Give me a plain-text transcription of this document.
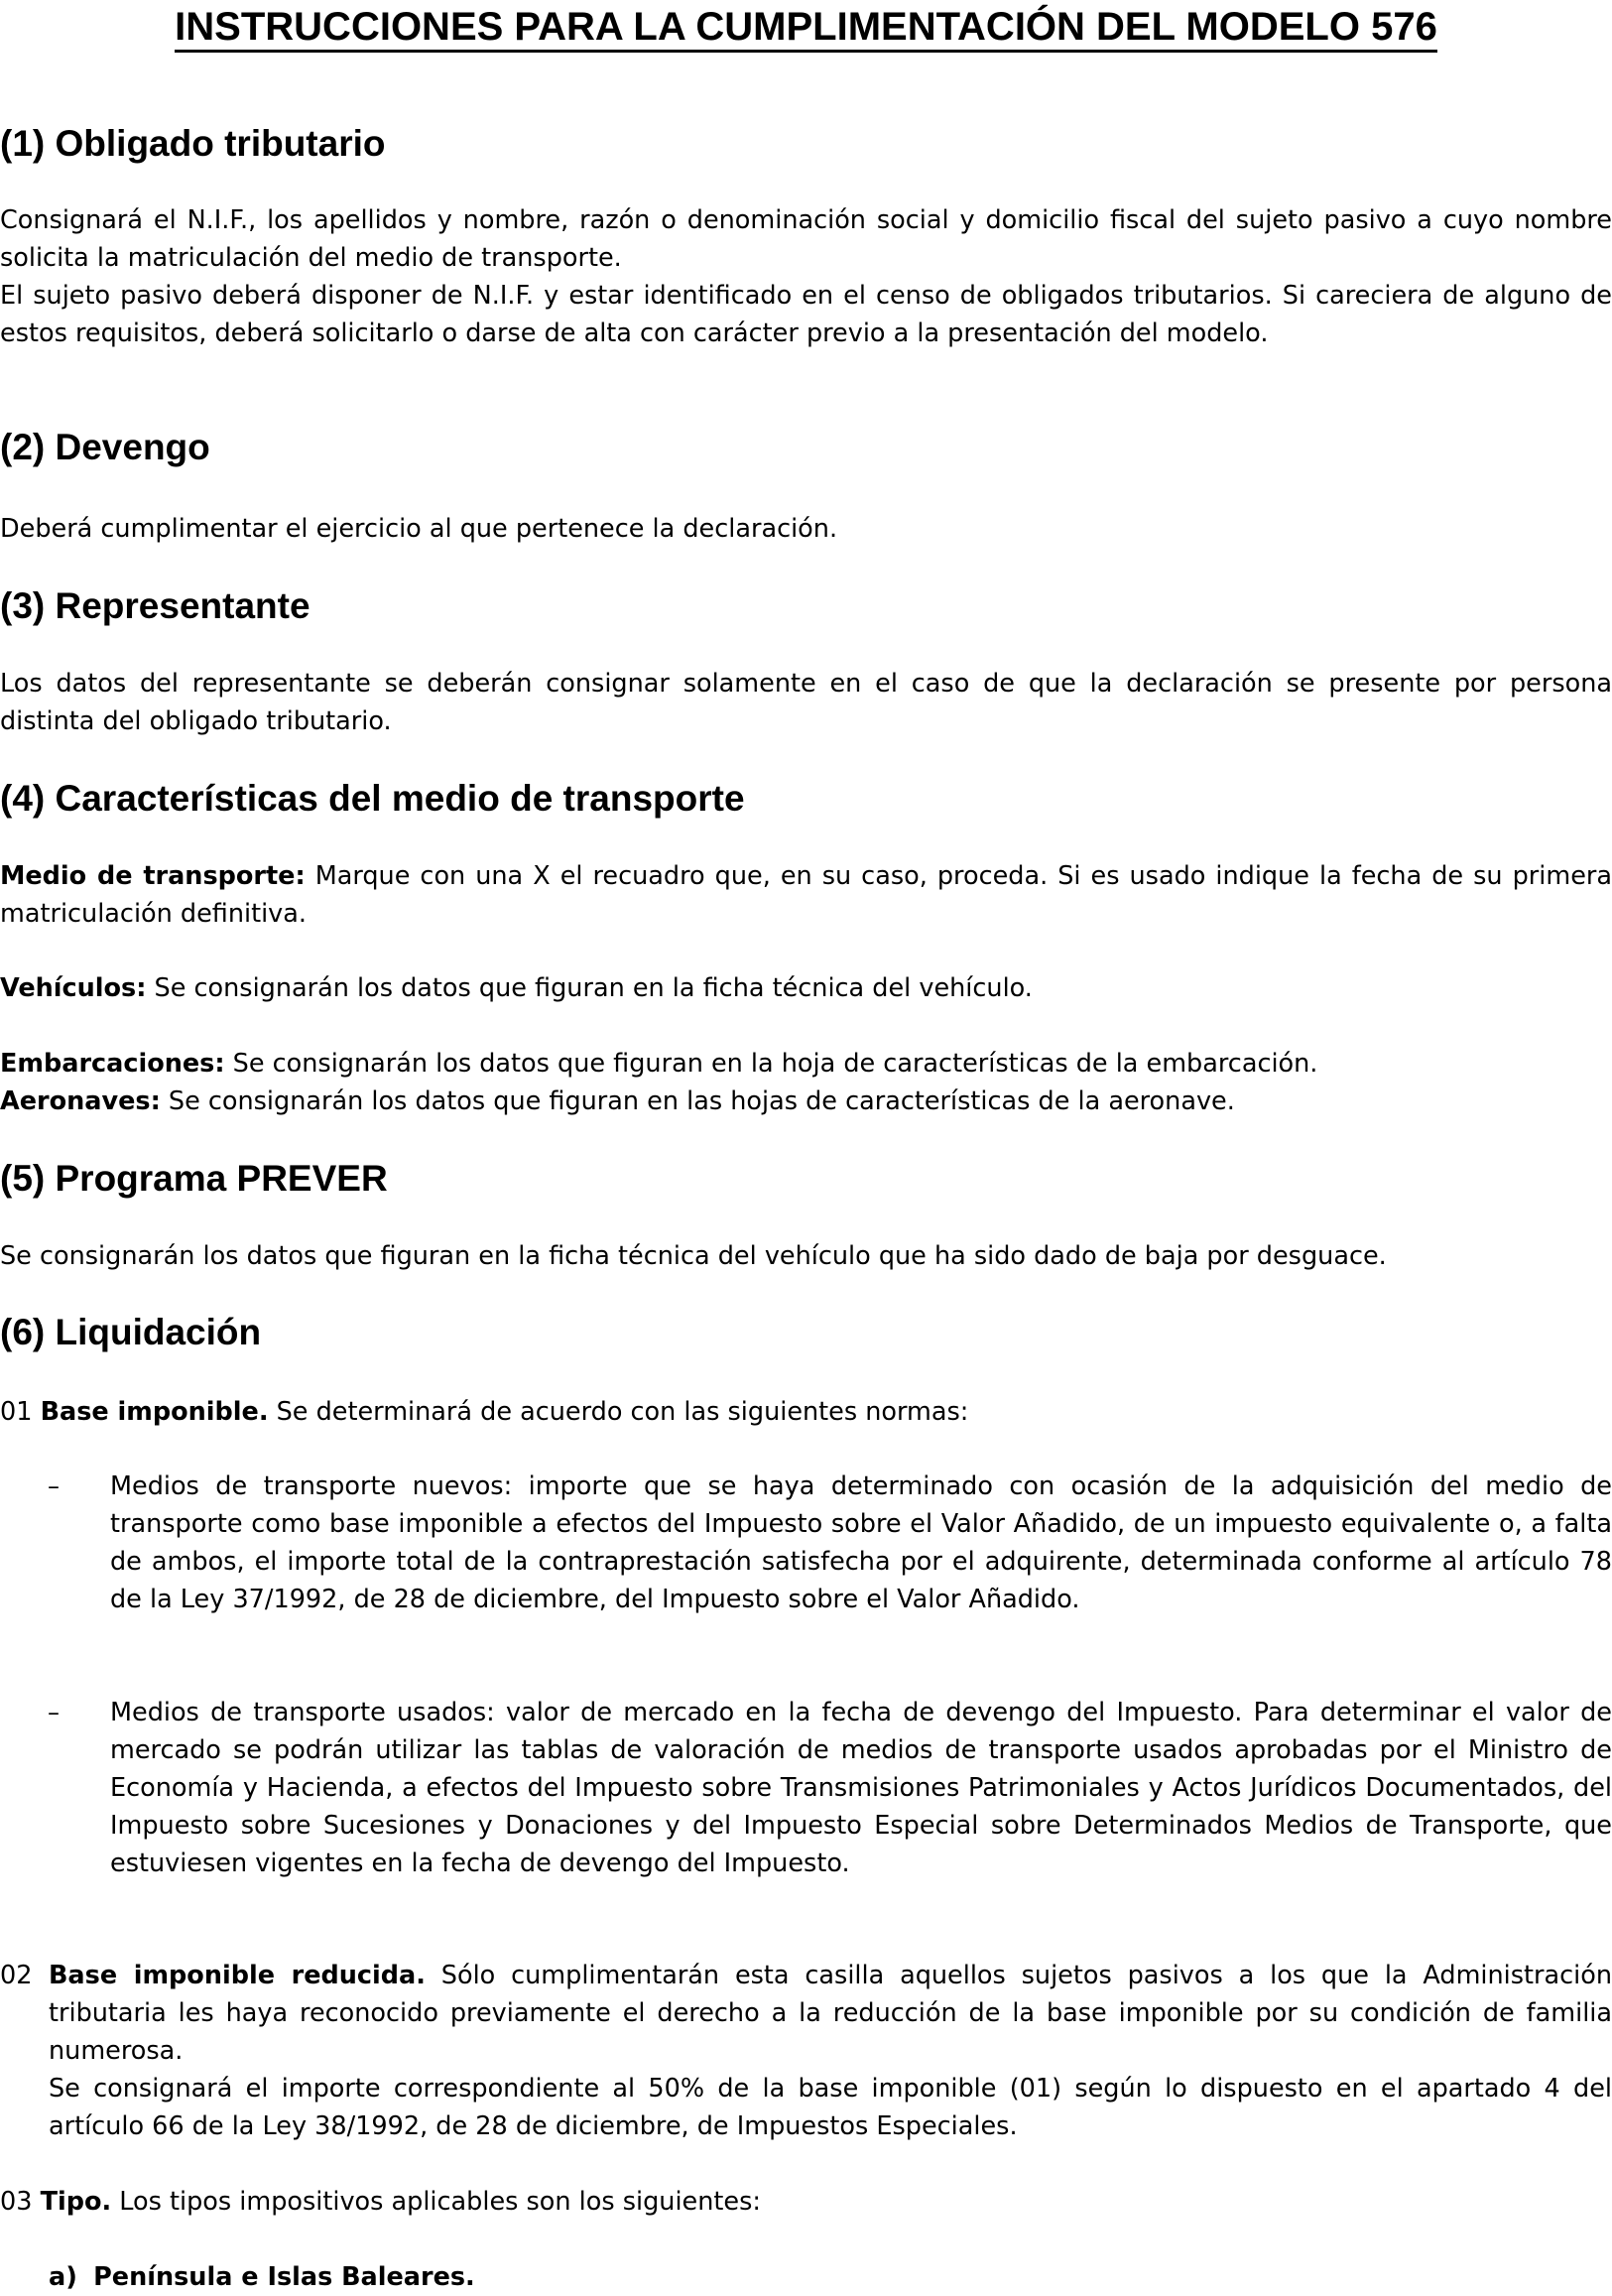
INSTRUCCIONES PARA LA CUMPLIMENTACIÓN DEL MODELO 576
(1) Obligado tributario
Consignará el N.I.F., los apellidos y nombre, razón o denominación social y domicilio fiscal del sujeto pasivo a cuyo nombre solicita la matriculación del medio de transporte.
El sujeto pasivo deberá disponer de N.I.F. y estar identificado en el censo de obligados tributarios. Si careciera de alguno de estos requisitos, deberá solicitarlo o darse de alta con carácter previo a la presentación del modelo.
(2) Devengo
Deberá cumplimentar el ejercicio al que pertenece la declaración.
(3) Representante
Los datos del representante se deberán consignar solamente en el caso de que la declaración se presente por persona distinta del obligado tributario.
(4) Características del medio de transporte
Medio de transporte: Marque con una X el recuadro que, en su caso, proceda. Si es usado indique la fecha de su primera matriculación definitiva.
Vehículos: Se consignarán los datos que figuran en la ficha técnica del vehículo.
Embarcaciones: Se consignarán los datos que figuran en la hoja de características de la embarcación.
Aeronaves: Se consignarán los datos que figuran en las hojas de características de la aeronave.
(5) Programa PREVER
Se consignarán los datos que figuran en la ficha técnica del vehículo que ha sido dado de baja por desguace.
(6) Liquidación
01 Base imponible. Se determinará de acuerdo con las siguientes normas:
– Medios de transporte nuevos: importe que se haya determinado con ocasión de la adquisición del medio de transporte como base imponible a efectos del Impuesto sobre el Valor Añadido, de un impuesto equivalente o, a falta de ambos, el importe total de la contraprestación satisfecha por el adquirente, determinada conforme al artículo 78 de la Ley 37/1992, de 28 de diciembre, del Impuesto sobre el Valor Añadido.
– Medios de transporte usados: valor de mercado en la fecha de devengo del Impuesto. Para determinar el valor de mercado se podrán utilizar las tablas de valoración de medios de transporte usados aprobadas por el Ministro de Economía y Hacienda, a efectos del Impuesto sobre Transmisiones Patrimoniales y Actos Jurídicos Documentados, del Impuesto sobre Sucesiones y Donaciones y del Impuesto Especial sobre Determinados Medios de Transporte, que estuviesen vigentes en la fecha de devengo del Impuesto.
02 Base imponible reducida. Sólo cumplimentarán esta casilla aquellos sujetos pasivos a los que la Administración tributaria les haya reconocido previamente el derecho a la reducción de la base imponible por su condición de familia numerosa.
Se consignará el importe correspondiente al 50% de la base imponible (01) según lo dispuesto en el apartado 4 del artículo 66 de la Ley 38/1992, de 28 de diciembre, de Impuestos Especiales.
03 Tipo. Los tipos impositivos aplicables son los siguientes:
a) Península e Islas Baleares.
